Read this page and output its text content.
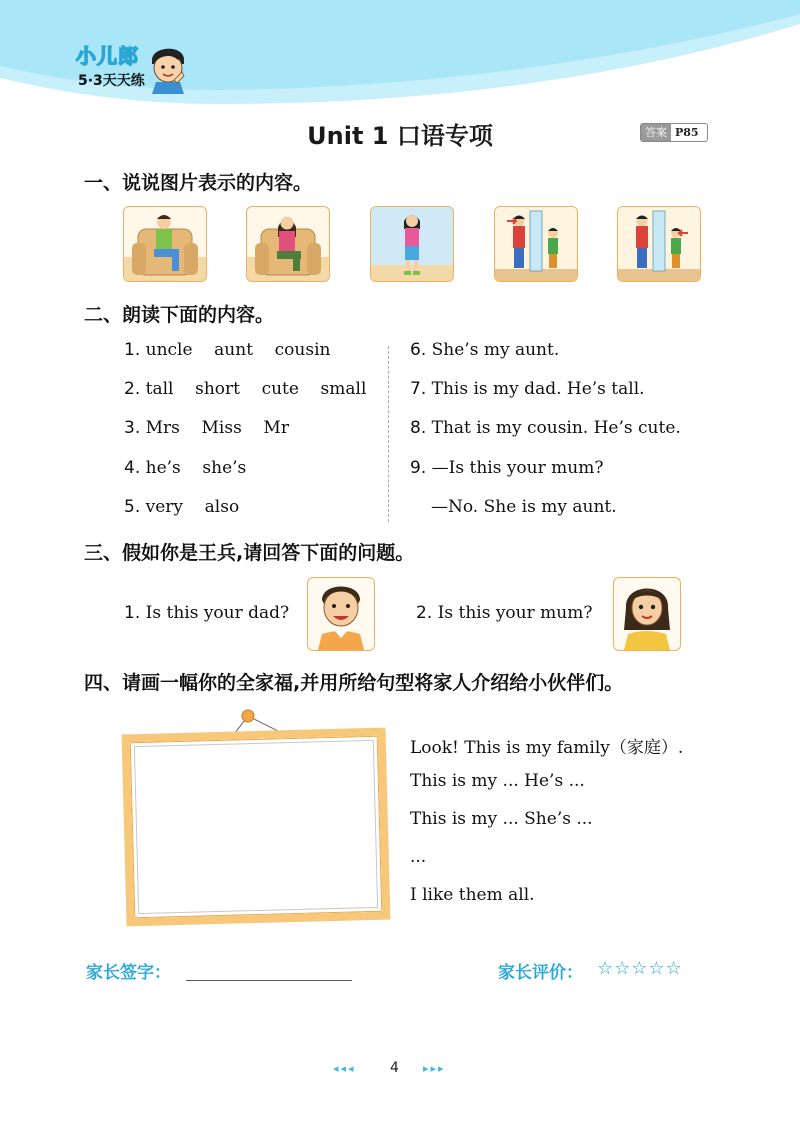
小儿郎
5·3天天练
Unit 1 口语专项	答案 P85
一、说说图片表示的内容。
二、朗读下面的内容。
1. uncle    aunt    cousin
2. tall    short    cute    small
3. Mrs    Miss    Mr
4. he’s    she’s
5. very    also
6. She’s my aunt.
7. This is my dad. He’s tall.
8. That is my cousin. He’s cute.
9. —Is this your mum?
—No. She is my aunt.
三、假如你是王兵,请回答下面的问题。
1. Is this your dad?	2. Is this your mum?
四、请画一幅你的全家福,并用所给句型将家人介绍给小伙伴们。
Look! This is my family（家庭）.
This is my ... He’s ...
This is my ... She’s ...
...
I like them all.
家长签字：	家长评价： ☆☆☆☆☆
◂◂◂ 4 ▸▸▸
